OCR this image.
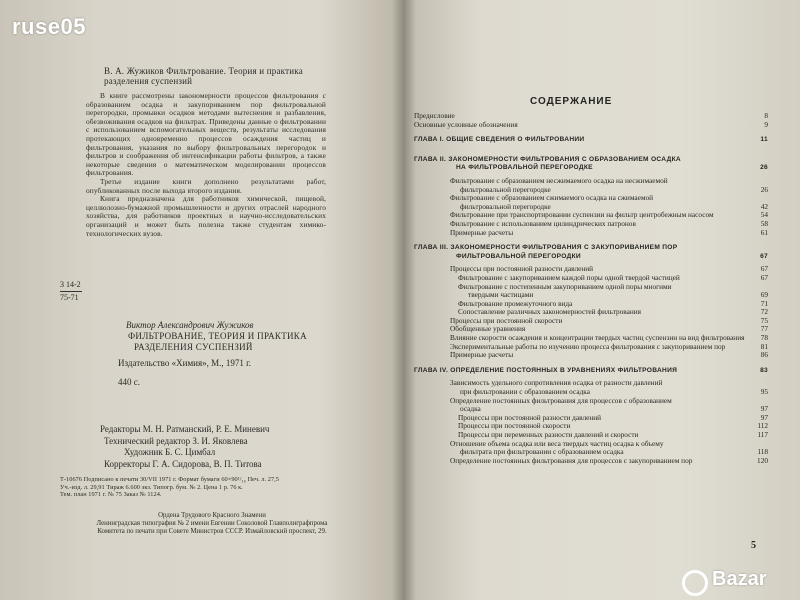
В. А. Жужиков Фильтрование. Теория и практика разделения суспензий

В книге рассмотрены закономерности процессов фильтрования с образованием осадка и закупориванием пор фильтровальной перегородки, промывки осадков методами вытеснения и разбавления, обезвоживания осадков на фильтрах. Приведены данные о фильтровании с использованием вспомогательных веществ, результаты исследования протекающих одновременно процессов осаждения частиц и фильтрования, указания по выбору фильтровальных перегородок и фильтров и соображения об интенсификации работы фильтров, а также некоторые сведения о математическом моделировании процессов фильтрования.

Третье издание книги дополнено результатами работ, опубликованных после выхода второго издания.

Книга предназначена для работников химической, пищевой, целлюлозно-бумажной промышленности и других отраслей народного хозяйства, для работников проектных и научно-исследовательских организаций и может быть полезна также студентам химико-технологических вузов.

3 14-2
75-71
Виктор Александрович Жужиков
ФИЛЬТРОВАНИЕ, ТЕОРИЯ И ПРАКТИКА
РАЗДЕЛЕНИЯ СУСПЕНЗИЙ
Издательство «Химия», М., 1971 г.
440 с.
Редакторы М. Н. Ратманский, Р. Е. Миневич
Технический редактор З. И. Яковлева
Художник Б. С. Цимбал
Корректоры Г. А. Сидорова, В. П. Титова
Т-10676 Подписано к печати 30/VII 1971 г. Формат бумаги 60×90¹/₁₆ Печ. л. 27,5
Уч.-изд. л. 29,91 Тираж 6.600 экз. Типогр. бум. № 2. Цена 1 р. 76 к.
Тем. план 1971 г. № 75 Заказ № 1124.
Ордена Трудового Красного Знамени
Ленинградская типография № 2 имени Евгении Соколовой Главполиграфпрома
Комитета по печати при Совете Министров СССР. Измайловский проспект, 29.
СОДЕРЖАНИЕ
Предисловие	8
Основные условные обозначения	9
ГЛАВА I. ОБЩИЕ СВЕДЕНИЯ О ФИЛЬТРОВАНИИ	11
ГЛАВА II. ЗАКОНОМЕРНОСТИ ФИЛЬТРОВАНИЯ С ОБРАЗОВАНИЕМ ОСАДКА
НА ФИЛЬТРОВАЛЬНОЙ ПЕРЕГОРОДКЕ	26
Фильтрование с образованием несжимаемого осадка на несжимаемой
фильтровальной перегородке	26
Фильтрование с образованием сжимаемого осадка на сжимаемой
фильтровальной перегородке	42
Фильтрование при транспортировании суспензии на фильтр центробежным насосом	54
Фильтрование с использованием цилиндрических патронов	58
Примерные расчеты	61
ГЛАВА III. ЗАКОНОМЕРНОСТИ ФИЛЬТРОВАНИЯ С ЗАКУПОРИВАНИЕМ ПОР
ФИЛЬТРОВАЛЬНОЙ ПЕРЕГОРОДКИ	67
Процессы при постоянной разности давлений	67
Фильтрование с закупориванием каждой поры одной твердой частицей	67
Фильтрование с постепенным закупориванием одной поры многими
твердыми частицами	69
Фильтрование промежуточного вида	71
Сопоставление различных закономерностей фильтрования	72
Процессы при постоянной скорости	75
Обобщенные уравнения	77
Влияние скорости осаждения и концентрации твердых частиц суспензии на вид фильтрования	78
Экспериментальные работы по изучению процесса фильтрования с закупориванием пор	81
Примерные расчеты	86
ГЛАВА IV. ОПРЕДЕЛЕНИЕ ПОСТОЯННЫХ В УРАВНЕНИЯХ ФИЛЬТРОВАНИЯ	83
Зависимость удельного сопротивления осадка от разности давлений
при фильтровании с образованием осадка	95
Определение постоянных фильтрования для процессов с образованием
осадка	97
Процессы при постоянной разности давлений	97
Процессы при постоянной скорости	112
Процессы при переменных разности давлений и скорости	117
Отношение объема осадка или веса твердых частиц осадка к объему
фильтрата при фильтровании с образованием осадка	118
Определение постоянных фильтрования для процессов с закупориванием пор	120
5
ruse05
Bazar
